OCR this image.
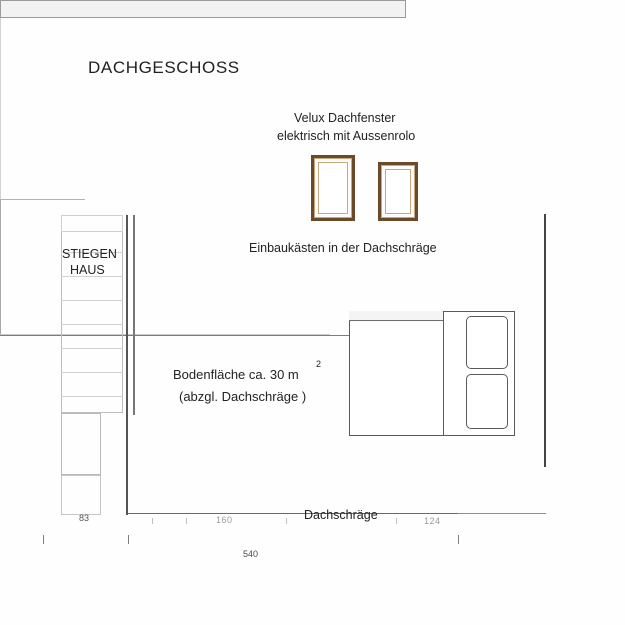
DACHGESCHOSS
Velux Dachfenster
elektrisch mit Aussenrolo
Einbaukästen in der Dachschräge
STIEGEN
HAUS
Bodenfläche ca. 30 m
2
(abzgl. Dachschräge )
Dachschräge
83	160	124
540
